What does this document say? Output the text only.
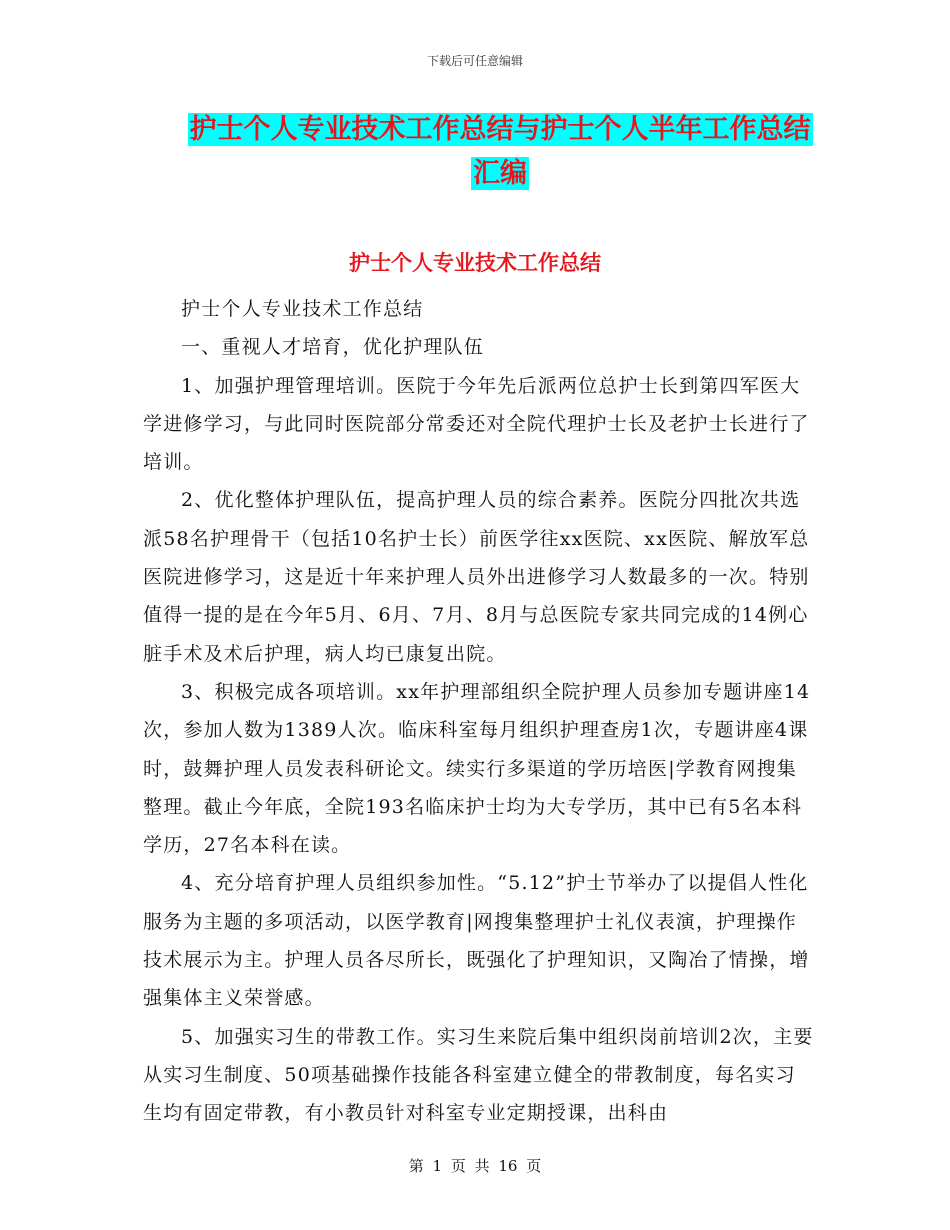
下载后可任意编辑
护士个人专业技术工作总结与护士个人半年工作总结
汇编
护士个人专业技术工作总结

护士个人专业技术工作总结

一、重视人才培育，优化护理队伍

1、加强护理管理培训。医院于今年先后派两位总护士长到第四军医大学进修学习，与此同时医院部分常委还对全院代理护士长及老护士长进行了培训。

2、优化整体护理队伍，提高护理人员的综合素养。医院分四批次共选派58名护理骨干（包括10名护士长）前医学往xx医院、xx医院、解放军总医院进修学习，这是近十年来护理人员外出进修学习人数最多的一次。特别值得一提的是在今年5月、6月、7月、8月与总医院专家共同完成的14例心脏手术及术后护理，病人均已康复出院。

3、积极完成各项培训。xx年护理部组织全院护理人员参加专题讲座14次，参加人数为1389人次。临床科室每月组织护理查房1次，专题讲座4课时，鼓舞护理人员发表科研论文。续实行多渠道的学历培医|学教育网搜集整理。截止今年底，全院193名临床护士均为大专学历，其中已有5名本科学历，27名本科在读。

4、充分培育护理人员组织参加性。“5.12”护士节举办了以提倡人性化服务为主题的多项活动，以医学教育|网搜集整理护士礼仪表演，护理操作技术展示为主。护理人员各尽所长，既强化了护理知识，又陶冶了情操，增强集体主义荣誉感。

5、加强实习生的带教工作。实习生来院后集中组织岗前培训2次，主要从实习生制度、50项基础操作技能各科室建立健全的带教制度，每名实习生均有固定带教，有小教员针对科室专业定期授课，出科由

第 1 页 共 16 页
